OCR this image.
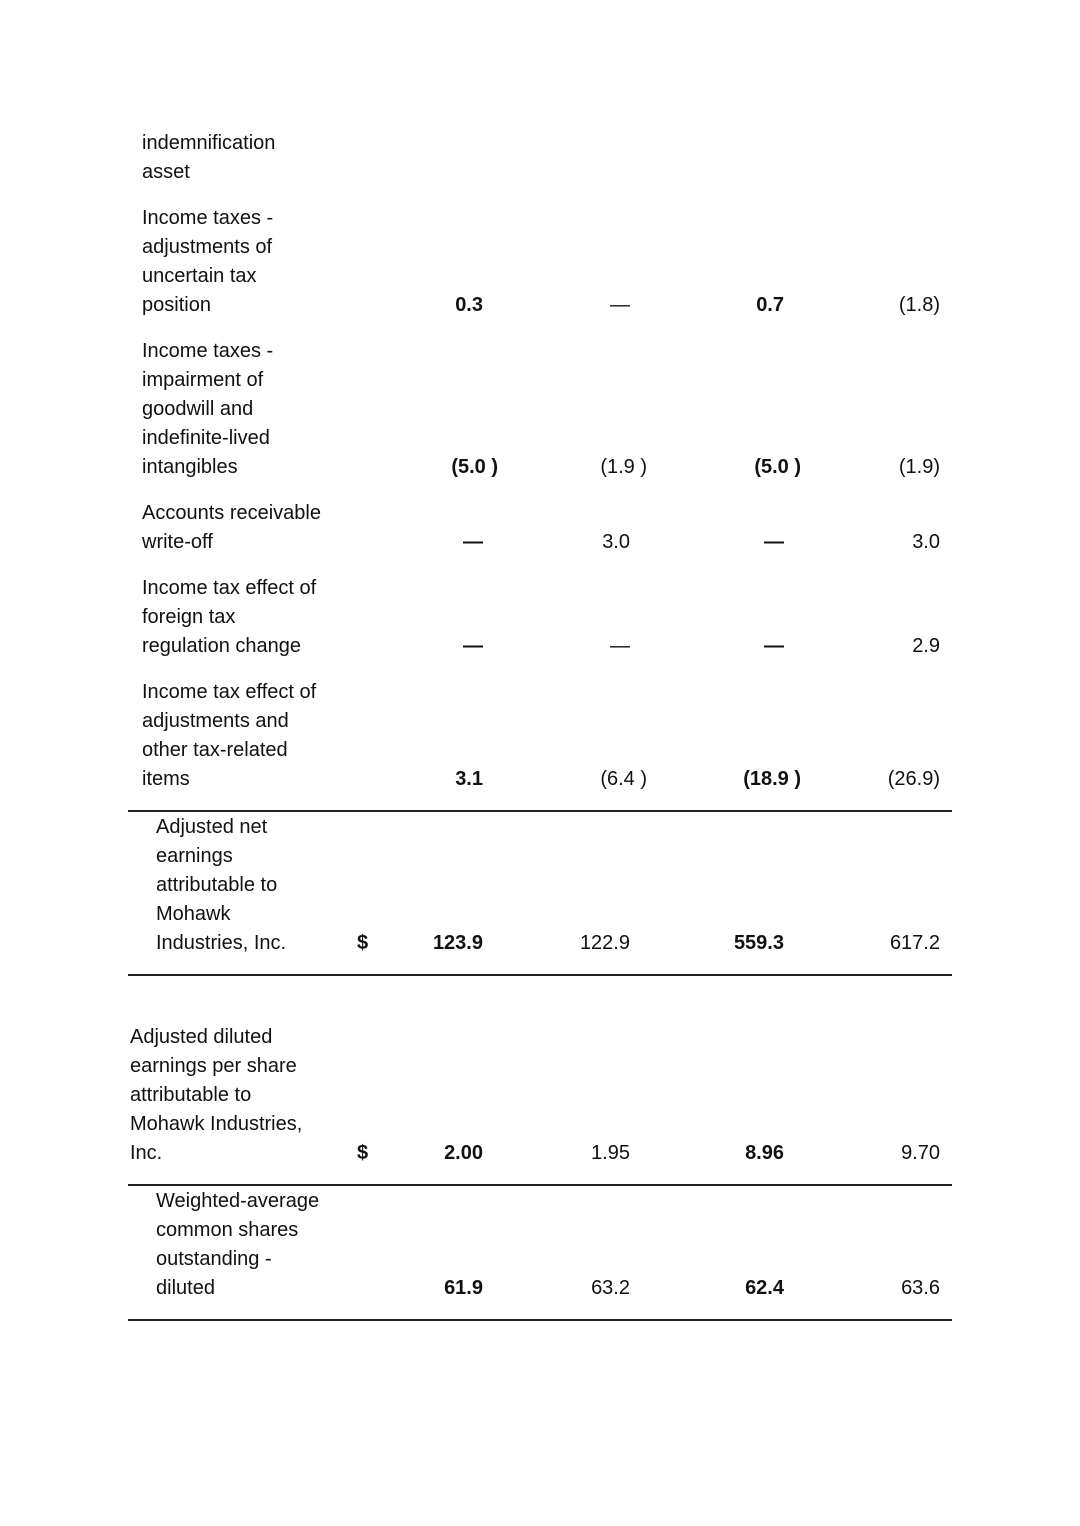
indemnification
asset
Income taxes -
adjustments of
uncertain tax
position	0.3	—	0.7	(1.8)
Income taxes -
impairment of
goodwill and
indefinite-lived
intangibles	(5.0 )	(1.9 )	(5.0 )	(1.9)
Accounts receivable
write-off	—	3.0	—	3.0
Income tax effect of
foreign tax
regulation change	—	—	—	2.9
Income tax effect of
adjustments and
other tax-related
items	3.1	(6.4 )	(18.9 )	(26.9)
Adjusted net
earnings
attributable to
Mohawk
Industries, Inc.	$	123.9	122.9	559.3	617.2
Adjusted diluted
earnings per share
attributable to
Mohawk Industries,
Inc.	$	2.00	1.95	8.96	9.70
Weighted-average
common shares
outstanding -
diluted	61.9	63.2	62.4	63.6
